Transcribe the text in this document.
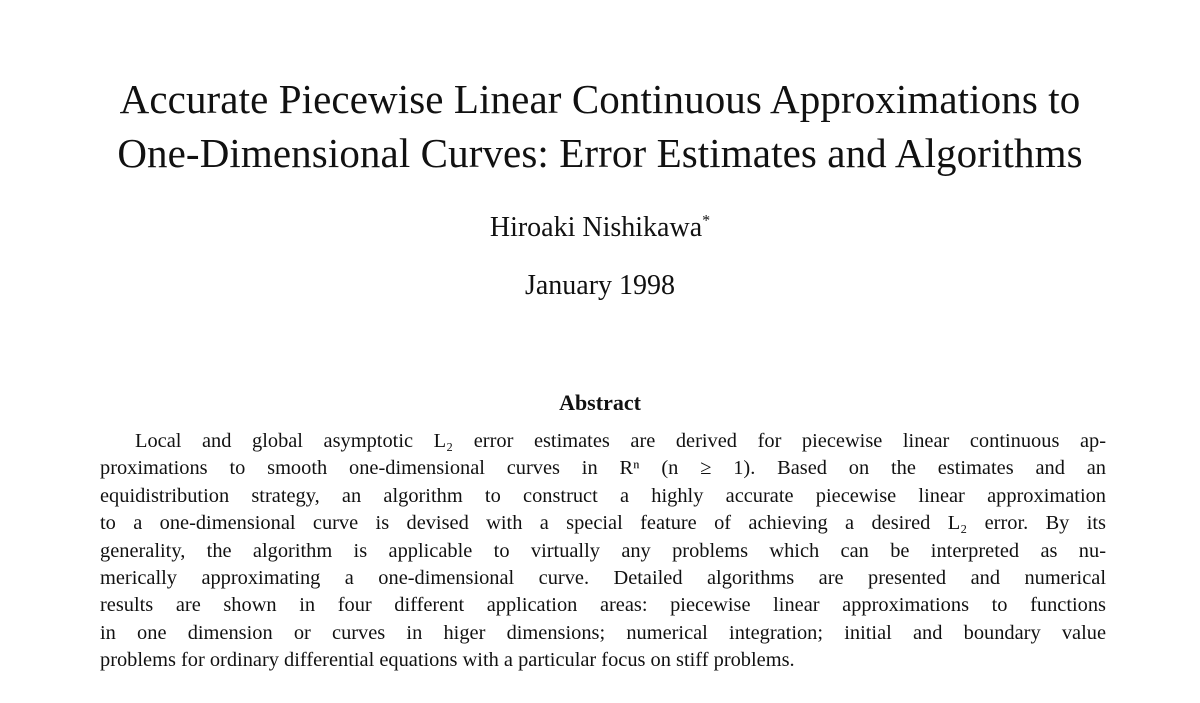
Accurate Piecewise Linear Continuous Approximations to
One-Dimensional Curves: Error Estimates and Algorithms
Hiroaki Nishikawa*
January 1998
Abstract
Local and global asymptotic L₂ error estimates are derived for piecewise linear continuous ap-
proximations to smooth one-dimensional curves in Rⁿ (n ≥ 1). Based on the estimates and an
equidistribution strategy, an algorithm to construct a highly accurate piecewise linear approximation
to a one-dimensional curve is devised with a special feature of achieving a desired L₂ error. By its
generality, the algorithm is applicable to virtually any problems which can be interpreted as nu-
merically approximating a one-dimensional curve. Detailed algorithms are presented and numerical
results are shown in four different application areas: piecewise linear approximations to functions
in one dimension or curves in higer dimensions; numerical integration; initial and boundary value
problems for ordinary differential equations with a particular focus on stiff problems.
